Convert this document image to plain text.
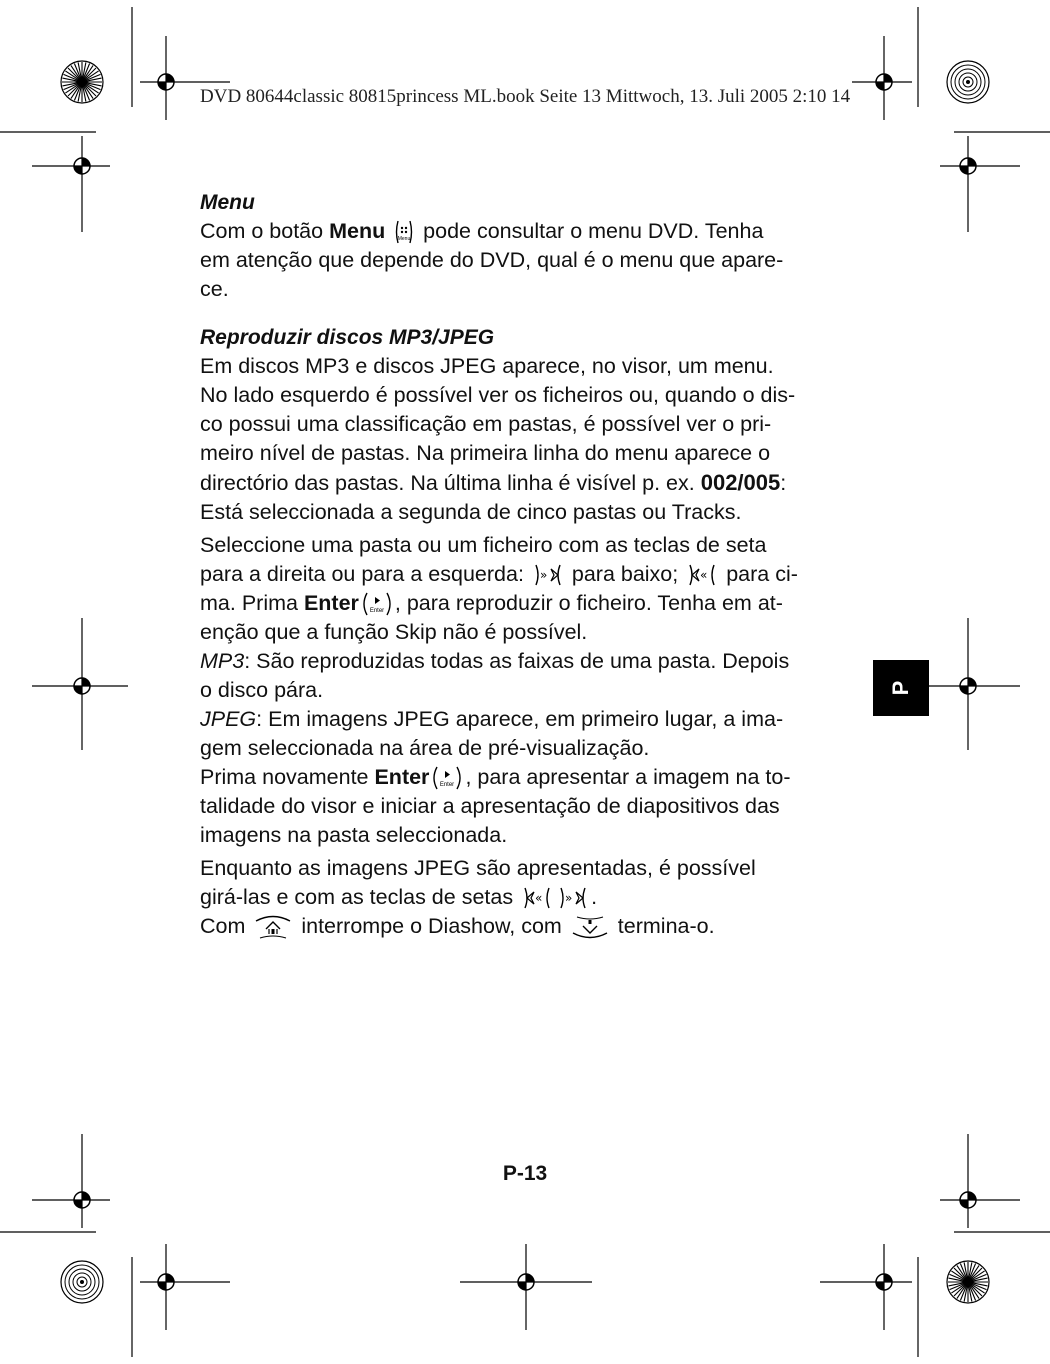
DVD 80644classic 80815princess ML.book Seite 13 Mittwoch, 13. Juli 2005 2:10 14
Menu

Com o botão Menu	Menu pode consultar o menu DVD. Tenha
em atenção que depende do DVD, qual é o menu que apare-
ce.

Reproduzir discos MP3/JPEG

Em discos MP3 e discos JPEG aparece, no visor, um menu.
No lado esquerdo é possível ver os ficheiros ou, quando o dis-
co possui uma classificação em pastas, é possível ver o pri-
meiro nível de pastas. Na primeira linha do menu aparece o
directório das pastas. Na última linha é visível p. ex. 002/005:
Está seleccionada a segunda de cinco pastas ou Tracks.

Seleccione uma pasta ou um ficheiro com as teclas de seta
para a direita ou para a esquerda: » para baixo; « para ci-
ma. Prima Enter Enter , para reproduzir o ficheiro. Tenha em at-
enção que a função Skip não é possível.

MP3: São reproduzidas todas as faixas de uma pasta. Depois
o disco pára.

JPEG: Em imagens JPEG aparece, em primeiro lugar, a ima-
gem seleccionada na área de pré-visualização.

Prima novamente Enter Enter , para apresentar a imagem na to-
talidade do visor e iniciar a apresentação de diapositivos das
imagens na pasta seleccionada.

Enquanto as imagens JPEG são apresentadas, é possível
girá-las e com as teclas de setas « » .

Com
interrompe o Diashow, com
termina-o.

P
P-13
